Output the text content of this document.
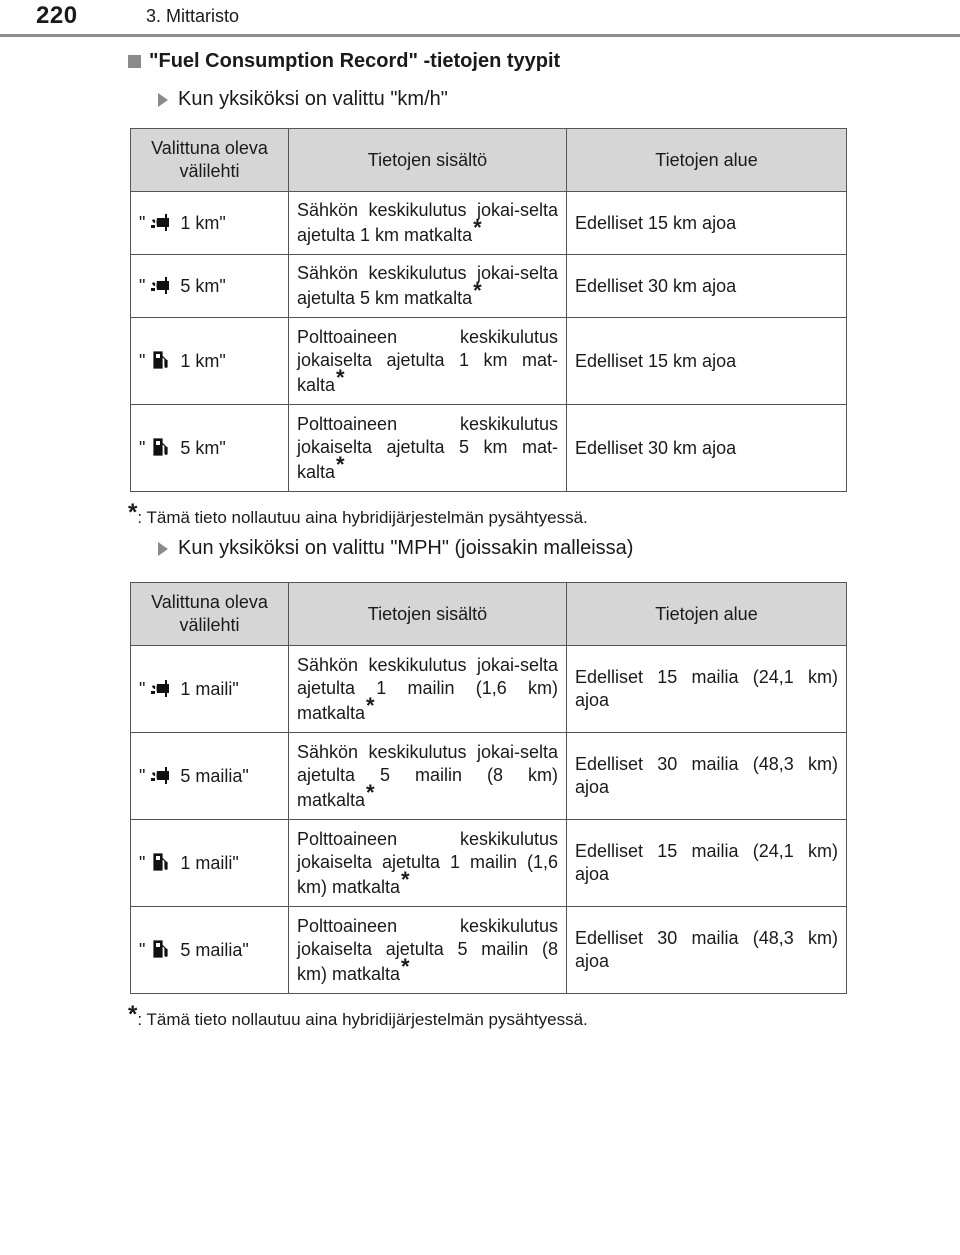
220	3. Mittaristo
"Fuel Consumption Record" -tietojen tyypit
Kun yksiköksi on valittu "km/h"
Valittuna oleva välilehti	Tietojen sisältö	Tietojen alue
" 1 km"	Sähkön keskikulutus jokai-selta ajetulta 1 km matkalta*	Edelliset 15 km ajoa
" 5 km"	Sähkön keskikulutus jokai-selta ajetulta 5 km matkalta*	Edelliset 30 km ajoa
" 1 km"	Polttoaineen keskikulutus jokaiselta ajetulta 1 km mat-kalta*	Edelliset 15 km ajoa
" 5 km"	Polttoaineen keskikulutus jokaiselta ajetulta 5 km mat-kalta*	Edelliset 30 km ajoa
*: Tämä tieto nollautuu aina hybridijärjestelmän pysähtyessä.
Kun yksiköksi on valittu "MPH" (joissakin malleissa)
Valittuna oleva välilehti	Tietojen sisältö	Tietojen alue
" 1 maili"	Sähkön keskikulutus jokai-selta ajetulta 1 mailin (1,6 km) matkalta*	Edelliset 15 mailia (24,1 km) ajoa
" 5 mailia"	Sähkön keskikulutus jokai-selta ajetulta 5 mailin (8 km) matkalta*	Edelliset 30 mailia (48,3 km) ajoa
" 1 maili"	Polttoaineen keskikulutus jokaiselta ajetulta 1 mailin (1,6 km) matkalta*	Edelliset 15 mailia (24,1 km) ajoa
" 5 mailia"	Polttoaineen keskikulutus jokaiselta ajetulta 5 mailin (8 km) matkalta*	Edelliset 30 mailia (48,3 km) ajoa
*: Tämä tieto nollautuu aina hybridijärjestelmän pysähtyessä.
